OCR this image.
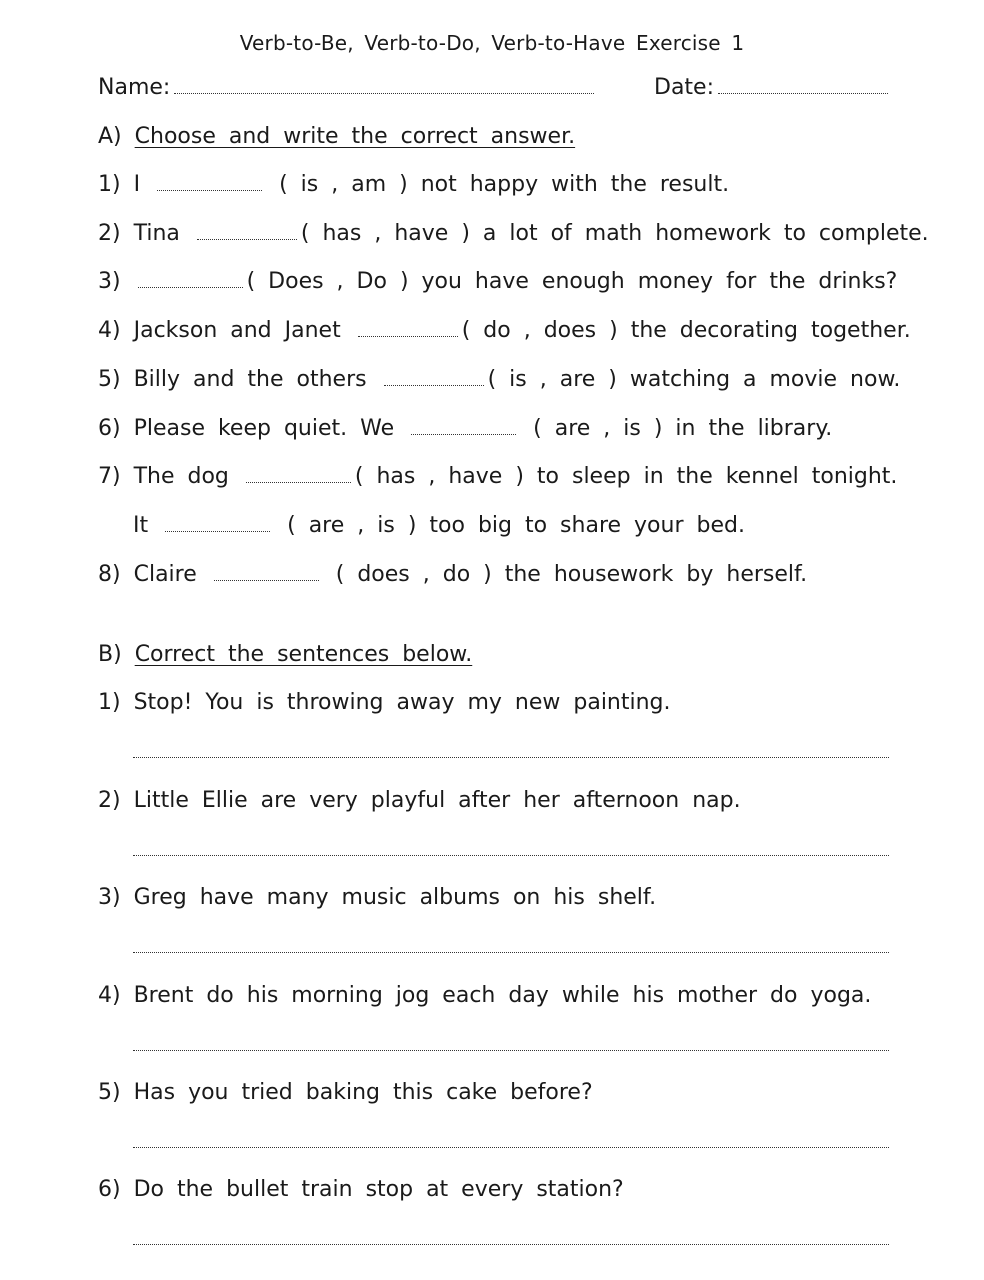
Verb-to-Be, Verb-to-Do, Verb-to-Have Exercise 1
Name:	Date:
A) Choose and write the correct answer.
1) I	( is , am ) not happy with the result.
2) Tina	( has , have ) a lot of math homework to complete.
3)	( Does , Do ) you have enough money for the drinks?
4) Jackson and Janet	( do , does ) the decorating together.
5) Billy and the others	( is , are ) watching a movie now.
6) Please keep quiet. We	( are , is ) in the library.
7) The dog	( has , have ) to sleep in the kennel tonight.
It	( are , is ) too big to share your bed.
8) Claire	( does , do ) the housework by herself.
B) Correct the sentences below.
1) Stop! You is throwing away my new painting.
2) Little Ellie are very playful after her afternoon nap.
3) Greg have many music albums on his shelf.
4) Brent do his morning jog each day while his mother do yoga.
5) Has you tried baking this cake before?
6) Do the bullet train stop at every station?
